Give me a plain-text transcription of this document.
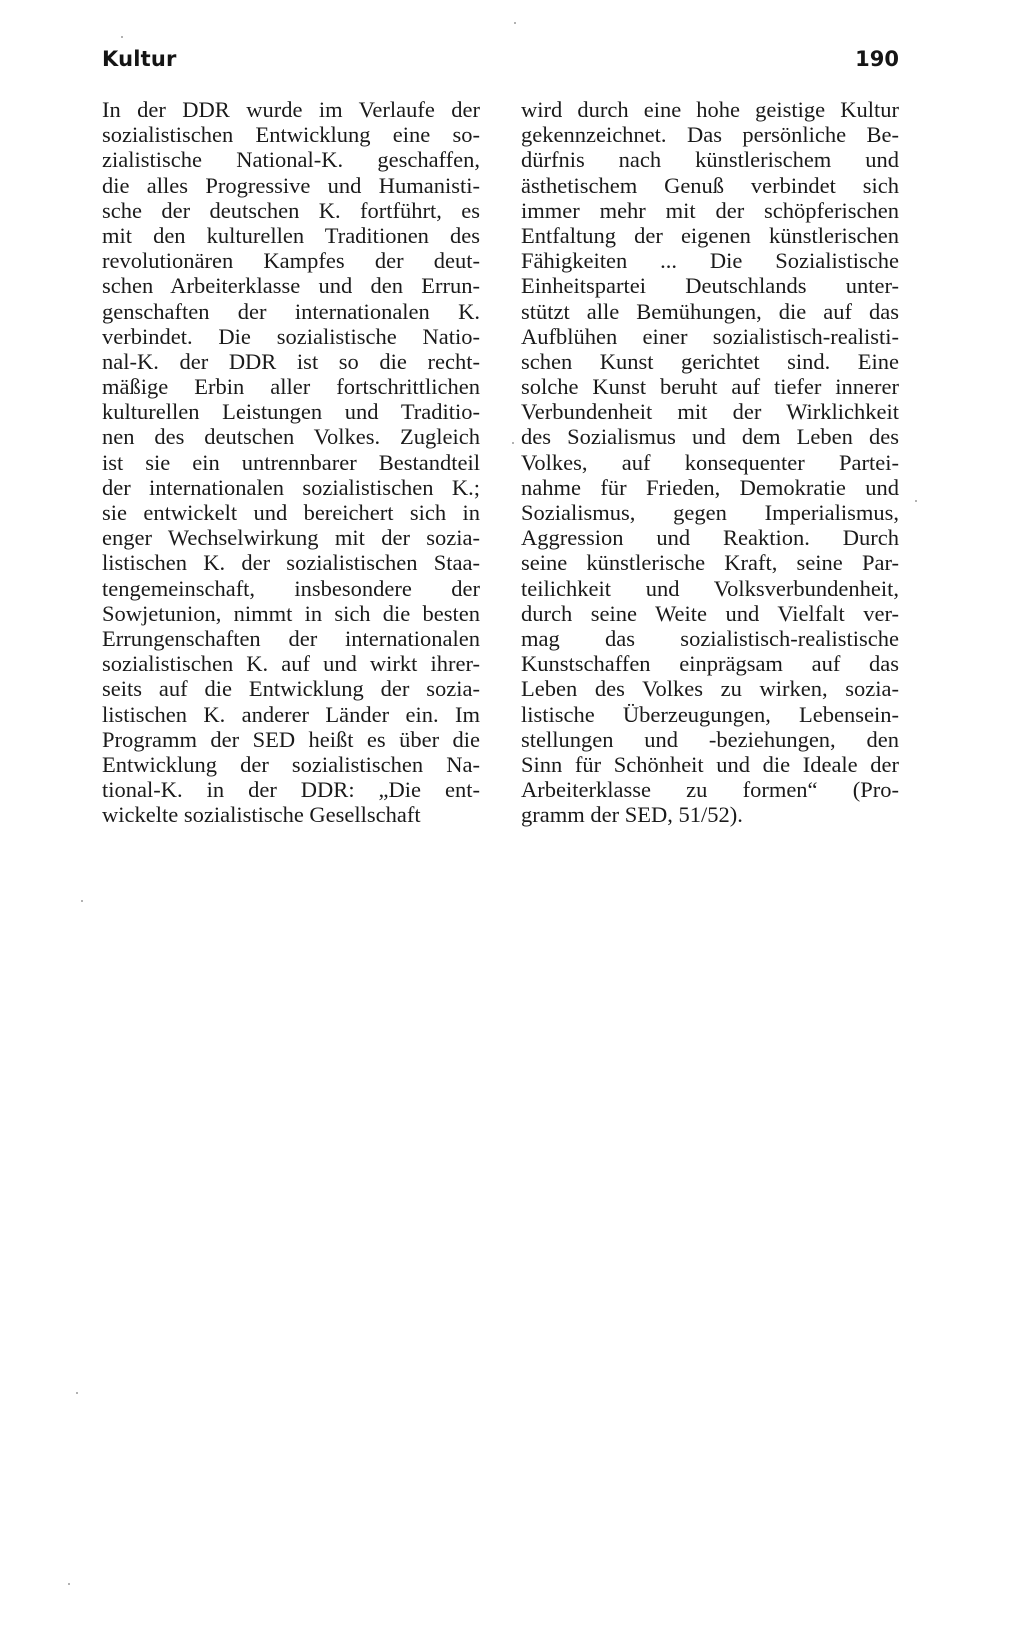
Kultur	190
In der DDR wurde im Verlaufe der
sozialistischen Entwicklung eine so-
zialistische National-K. geschaffen,
die alles Progressive und Humanisti-
sche der deutschen K. fortführt, es
mit den kulturellen Traditionen des
revolutionären Kampfes der deut-
schen Arbeiterklasse und den Errun-
genschaften der internationalen K.
verbindet. Die sozialistische Natio-
nal-K. der DDR ist so die recht-
mäßige Erbin aller fortschrittlichen
kulturellen Leistungen und Traditio-
nen des deutschen Volkes. Zugleich
ist sie ein untrennbarer Bestandteil
der internationalen sozialistischen K.;
sie entwickelt und bereichert sich in
enger Wechselwirkung mit der sozia-
listischen K. der sozialistischen Staa-
tengemeinschaft, insbesondere der
Sowjetunion, nimmt in sich die besten
Errungenschaften der internationalen
sozialistischen K. auf und wirkt ihrer-
seits auf die Entwicklung der sozia-
listischen K. anderer Länder ein. Im
Programm der SED heißt es über die
Entwicklung der sozialistischen Na-
tional-K. in der DDR: „Die ent-
wickelte sozialistische Gesellschaft
wird durch eine hohe geistige Kultur
gekennzeichnet. Das persönliche Be-
dürfnis nach künstlerischem und
ästhetischem Genuß verbindet sich
immer mehr mit der schöpferischen
Entfaltung der eigenen künstlerischen
Fähigkeiten ... Die Sozialistische
Einheitspartei Deutschlands unter-
stützt alle Bemühungen, die auf das
Aufblühen einer sozialistisch-realisti-
schen Kunst gerichtet sind. Eine
solche Kunst beruht auf tiefer innerer
Verbundenheit mit der Wirklichkeit
des Sozialismus und dem Leben des
Volkes, auf konsequenter Partei-
nahme für Frieden, Demokratie und
Sozialismus, gegen Imperialismus,
Aggression und Reaktion. Durch
seine künstlerische Kraft, seine Par-
teilichkeit und Volksverbundenheit,
durch seine Weite und Vielfalt ver-
mag das sozialistisch-realistische
Kunstschaffen einprägsam auf das
Leben des Volkes zu wirken, sozia-
listische Überzeugungen, Lebensein-
stellungen und -beziehungen, den
Sinn für Schönheit und die Ideale der
Arbeiterklasse zu formen“ (Pro-
gramm der SED, 51/52).
